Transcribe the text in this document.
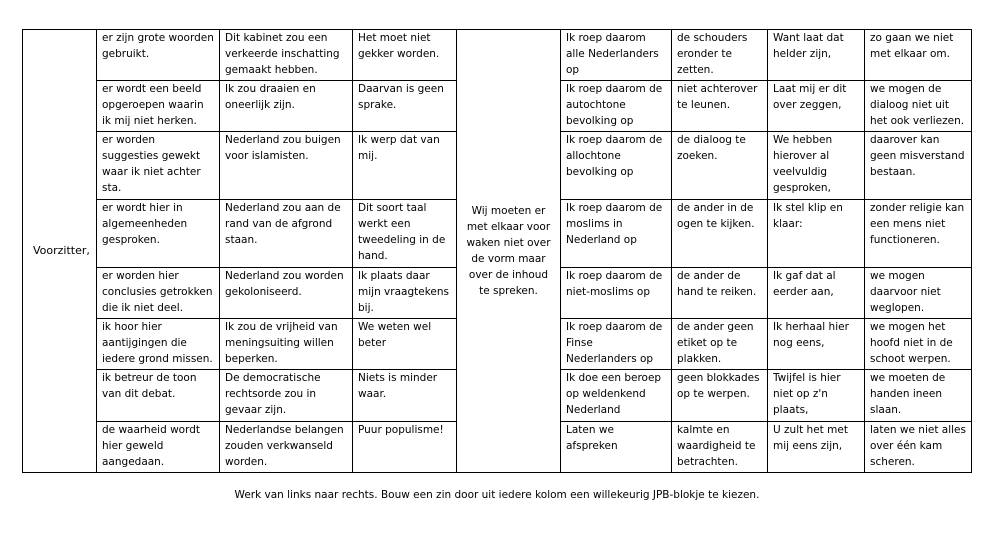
Voorzitter,	er zijn grote woorden gebruikt.	Dit kabinet zou een verkeerde inschatting gemaakt hebben.	Het moet niet gekker worden.	Wij moeten er met elkaar voor waken niet over de vorm maar over de inhoud te spreken.	Ik roep daarom alle Nederlanders op	de schouders eronder te zetten.	Want laat dat helder zijn,	zo gaan we niet met elkaar om.
	er wordt een beeld opgeroepen waarin ik mij niet herken.	Ik zou draaien en oneerlijk zijn.	Daarvan is geen sprake.		Ik roep daarom de autochtone bevolking op	niet achterover te leunen.	Laat mij er dit over zeggen,	we mogen de dialoog niet uit het ook verliezen.
	er worden suggesties gewekt waar ik niet achter sta.	Nederland zou buigen voor islamisten.	Ik werp dat van mij.		Ik roep daarom de allochtone bevolking op	de dialoog te zoeken.	We hebben hierover al veelvuldig gesproken,	daarover kan geen misverstand bestaan.
	er wordt hier in algemeenheden gesproken.	Nederland zou aan de rand van de afgrond staan.	Dit soort taal werkt een tweedeling in de hand.		Ik roep daarom de moslims in Nederland op	de ander in de ogen te kijken.	Ik stel klip en klaar:	zonder religie kan een mens niet functioneren.
	er worden hier conclusies getrokken die ik niet deel.	Nederland zou worden gekoloniseerd.	Ik plaats daar mijn vraagtekens bij.		Ik roep daarom de niet-moslims op	de ander de hand te reiken.	Ik gaf dat al eerder aan,	we mogen daarvoor niet weglopen.
	ik hoor hier aantijgingen die iedere grond missen.	Ik zou de vrijheid van meningsuiting willen beperken.	We weten wel beter		Ik roep daarom de Finse Nederlanders op	de ander geen etiket op te plakken.	Ik herhaal hier nog eens,	we mogen het hoofd niet in de schoot werpen.
	ik betreur de toon van dit debat.	De democratische rechtsorde zou in gevaar zijn.	Niets is minder waar.		Ik doe een beroep op weldenkend Nederland	geen blokkades op te werpen.	Twijfel is hier niet op z'n plaats,	we moeten de handen ineen slaan.
	de waarheid wordt hier geweld aangedaan.	Nederlandse belangen zouden verkwanseld worden.	Puur populisme!		Laten we afspreken	kalmte en waardigheid te betrachten.	U zult het met mij eens zijn,	laten we niet alles over één kam scheren.
Werk van links naar rechts. Bouw een zin door uit iedere kolom een willekeurig JPB-blokje te kiezen.
